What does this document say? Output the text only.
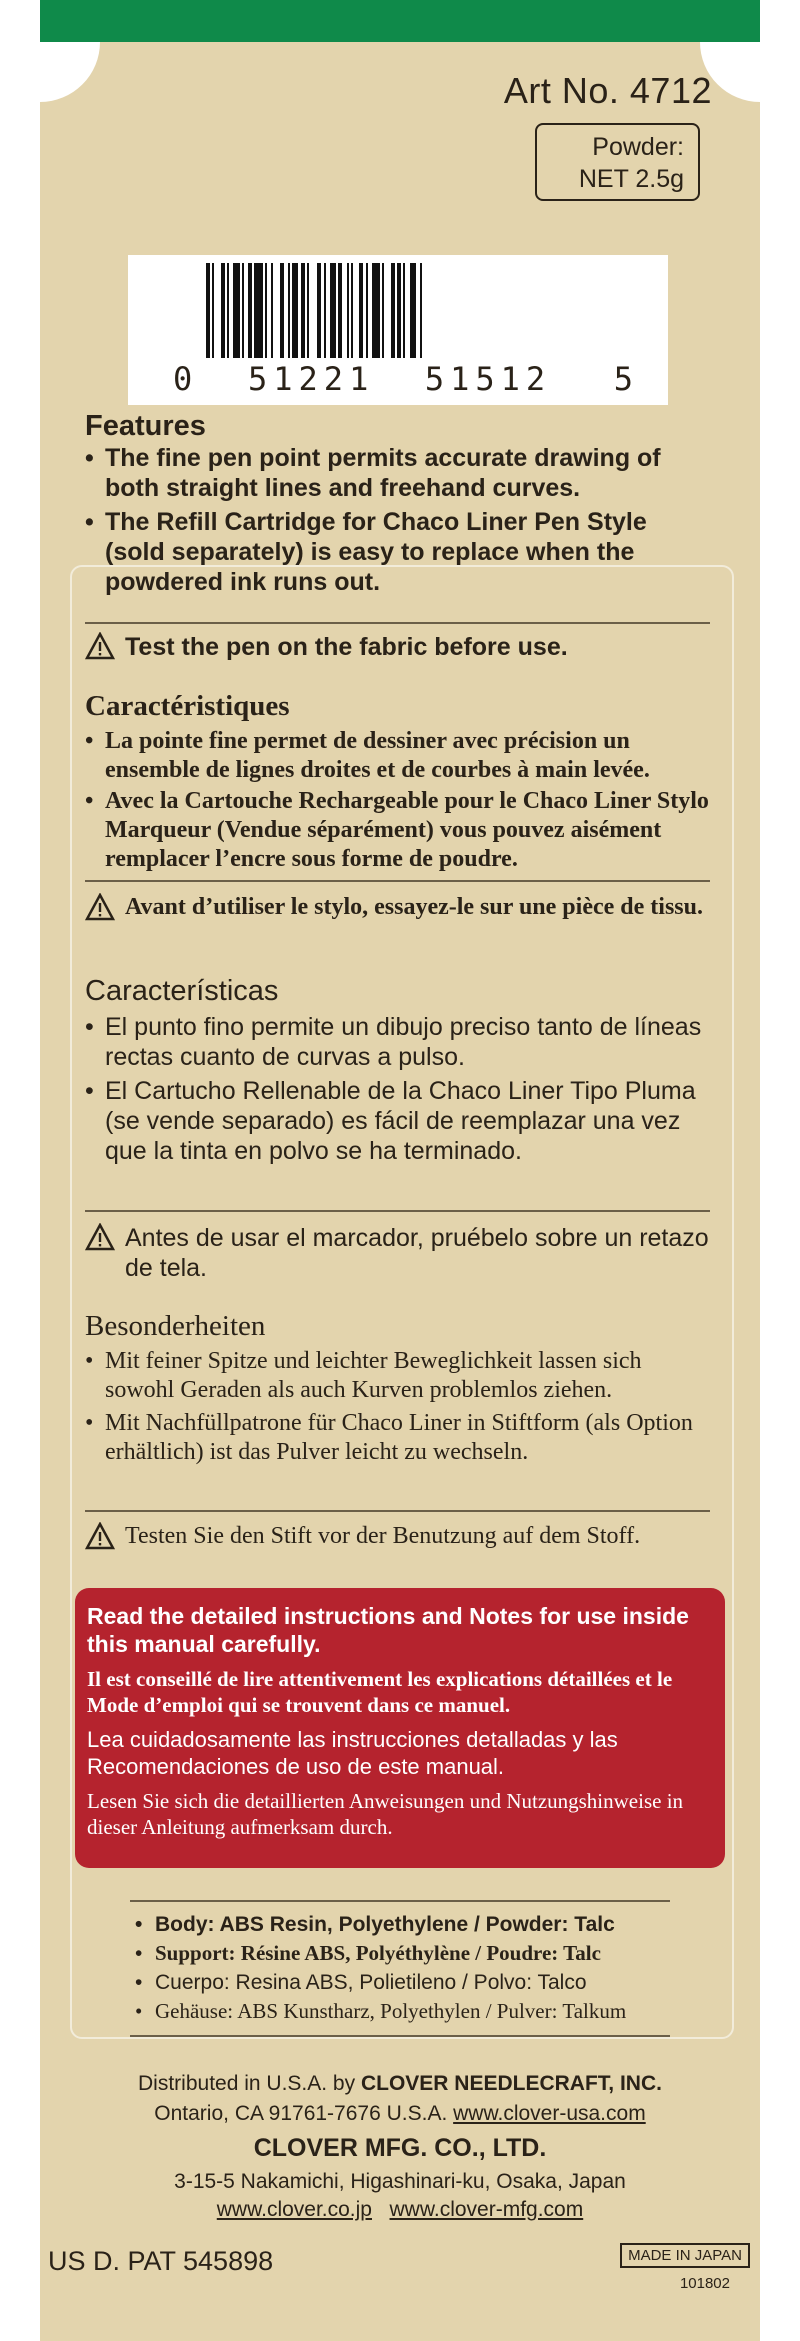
Art No. 4712
Powder:
NET 2.5g
0 51221  51512 5
Features
• The fine pen point permits accurate drawing of both straight lines and freehand curves.
• The Refill Cartridge for Chaco Liner Pen Style (sold separately) is easy to replace when the powdered ink runs out.
Test the pen on the fabric before use.
Caractéristiques
• La pointe fine permet de dessiner avec précision un ensemble de lignes droites et de courbes à main levée.
• Avec la Cartouche Rechargeable pour le Chaco Liner Stylo Marqueur (Vendue séparément) vous pouvez aisément remplacer l’encre sous forme de poudre.
Avant d’utiliser le stylo, essayez-le sur une pièce de tissu.
Características
• El punto fino permite un dibujo preciso tanto de líneas rectas cuanto de curvas a pulso.
• El Cartucho Rellenable de la Chaco Liner Tipo Pluma (se vende separado) es fácil de reemplazar una vez que la tinta en polvo se ha terminado.
Antes de usar el marcador, pruébelo sobre un retazo de tela.
Besonderheiten
• Mit feiner Spitze und leichter Beweglichkeit lassen sich sowohl Geraden als auch Kurven problemlos ziehen.
• Mit Nachfüllpatrone für Chaco Liner in Stiftform (als Option erhältlich) ist das Pulver leicht zu wechseln.
Testen Sie den Stift vor der Benutzung auf dem Stoff.
Read the detailed instructions and Notes for use inside this manual carefully.
Il est conseillé de lire attentivement les explications détaillées et le Mode d’emploi qui se trouvent dans ce manuel.
Lea cuidadosamente las instrucciones detalladas y las Recomendaciones de uso de este manual.
Lesen Sie sich die detaillierten Anweisungen und Nutzungshinweise in dieser Anleitung aufmerksam durch.
• Body: ABS Resin, Polyethylene / Powder: Talc
• Support: Résine ABS, Polyéthylène / Poudre: Talc
• Cuerpo: Resina ABS, Polietileno / Polvo: Talco
• Gehäuse: ABS Kunstharz, Polyethylen / Pulver: Talkum
Distributed in U.S.A. by CLOVER NEEDLECRAFT, INC.
Ontario, CA 91761-7676 U.S.A. www.clover-usa.com
CLOVER MFG. CO., LTD.
3-15-5 Nakamichi, Higashinari-ku, Osaka, Japan
www.clover.co.jp www.clover-mfg.com
US D. PAT 545898	MADE IN JAPAN
101802
